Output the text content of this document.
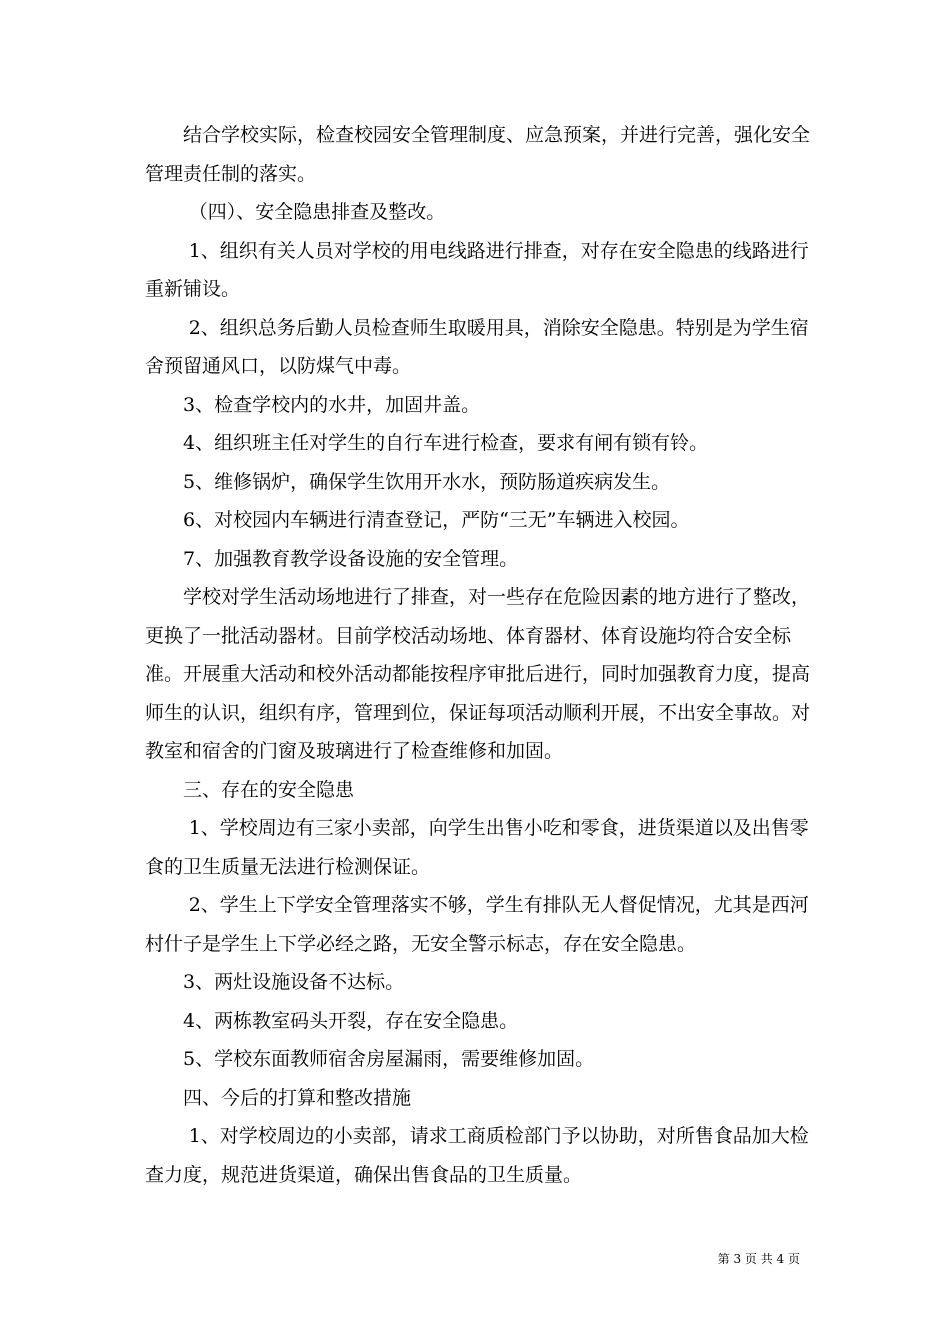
结合学校实际，检查校园安全管理制度、应急预案，并进行完善，强化安全管理责任制的落实。

（四）、安全隐患排查及整改。

1、组织有关人员对学校的用电线路进行排查，对存在安全隐患的线路进行重新铺设。

2、组织总务后勤人员检查师生取暖用具，消除安全隐患。特别是为学生宿舍预留通风口，以防煤气中毒。

3、检查学校内的水井，加固井盖。

4、组织班主任对学生的自行车进行检查，要求有闸有锁有铃。

5、维修锅炉，确保学生饮用开水水，预防肠道疾病发生。

6、对校园内车辆进行清查登记，严防“三无”车辆进入校园。

7、加强教育教学设备设施的安全管理。

学校对学生活动场地进行了排查，对一些存在危险因素的地方进行了整改，更换了一批活动器材。目前学校活动场地、体育器材、体育设施均符合安全标准。开展重大活动和校外活动都能按程序审批后进行，同时加强教育力度，提高师生的认识，组织有序，管理到位，保证每项活动顺利开展，不出安全事故。对教室和宿舍的门窗及玻璃进行了检查维修和加固。

三、存在的安全隐患

1、学校周边有三家小卖部，向学生出售小吃和零食，进货渠道以及出售零食的卫生质量无法进行检测保证。

2、学生上下学安全管理落实不够，学生有排队无人督促情况，尤其是西河村什子是学生上下学必经之路，无安全警示标志，存在安全隐患。

3、两灶设施设备不达标。

4、两栋教室码头开裂，存在安全隐患。

5、学校东面教师宿舍房屋漏雨，需要维修加固。

四、今后的打算和整改措施

1、对学校周边的小卖部，请求工商质检部门予以协助，对所售食品加大检查力度，规范进货渠道，确保出售食品的卫生质量。

第 3 页 共 4 页
